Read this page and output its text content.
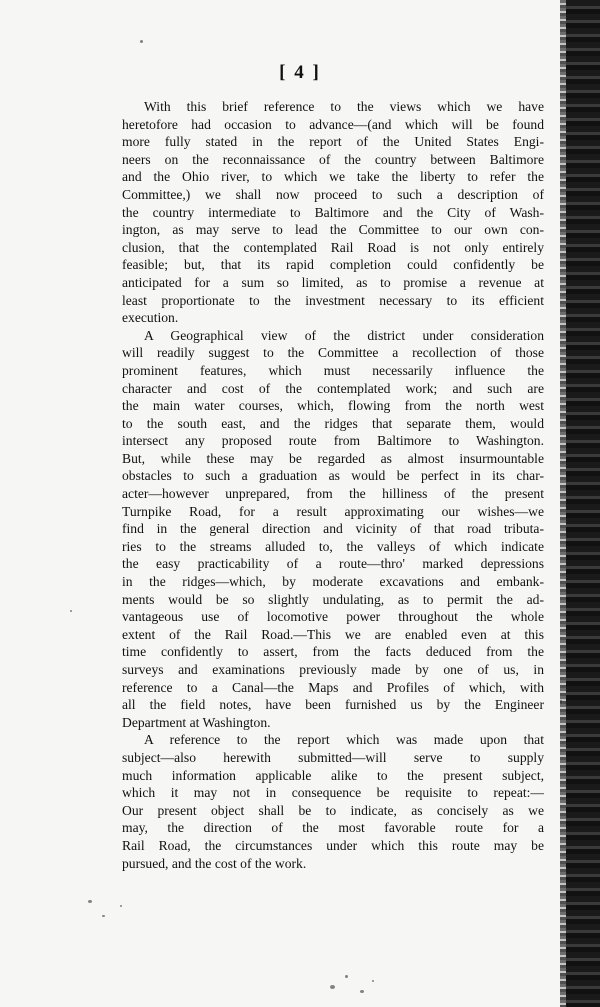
[ 4 ]
With this brief reference to the views which we have
heretofore had occasion to advance—(and which will be found
more fully stated in the report of the United States Engi-
neers on the reconnaissance of the country between Baltimore
and the Ohio river, to which we take the liberty to refer the
Committee,) we shall now proceed to such a description of
the country intermediate to Baltimore and the City of Wash-
ington, as may serve to lead the Committee to our own con-
clusion, that the contemplated Rail Road is not only entirely
feasible; but, that its rapid completion could confidently be
anticipated for a sum so limited, as to promise a revenue at
least proportionate to the investment necessary to its efficient
execution.
A Geographical view of the district under consideration
will readily suggest to the Committee a recollection of those
prominent features, which must necessarily influence the
character and cost of the contemplated work; and such are
the main water courses, which, flowing from the north west
to the south east, and the ridges that separate them, would
intersect any proposed route from Baltimore to Washington.
But, while these may be regarded as almost insurmountable
obstacles to such a graduation as would be perfect in its char-
acter—however unprepared, from the hilliness of the present
Turnpike Road, for a result approximating our wishes—we
find in the general direction and vicinity of that road tributa-
ries to the streams alluded to, the valleys of which indicate
the easy practicability of a route—thro' marked depressions
in the ridges—which, by moderate excavations and embank-
ments would be so slightly undulating, as to permit the ad-
vantageous use of locomotive power throughout the whole
extent of the Rail Road.—This we are enabled even at this
time confidently to assert, from the facts deduced from the
surveys and examinations previously made by one of us, in
reference to a Canal—the Maps and Profiles of which, with
all the field notes, have been furnished us by the Engineer
Department at Washington.
A reference to the report which was made upon that
subject—also herewith submitted—will serve to supply
much information applicable alike to the present subject,
which it may not in consequence be requisite to repeat:—
Our present object shall be to indicate, as concisely as we
may, the direction of the most favorable route for a
Rail Road, the circumstances under which this route may be
pursued, and the cost of the work.
